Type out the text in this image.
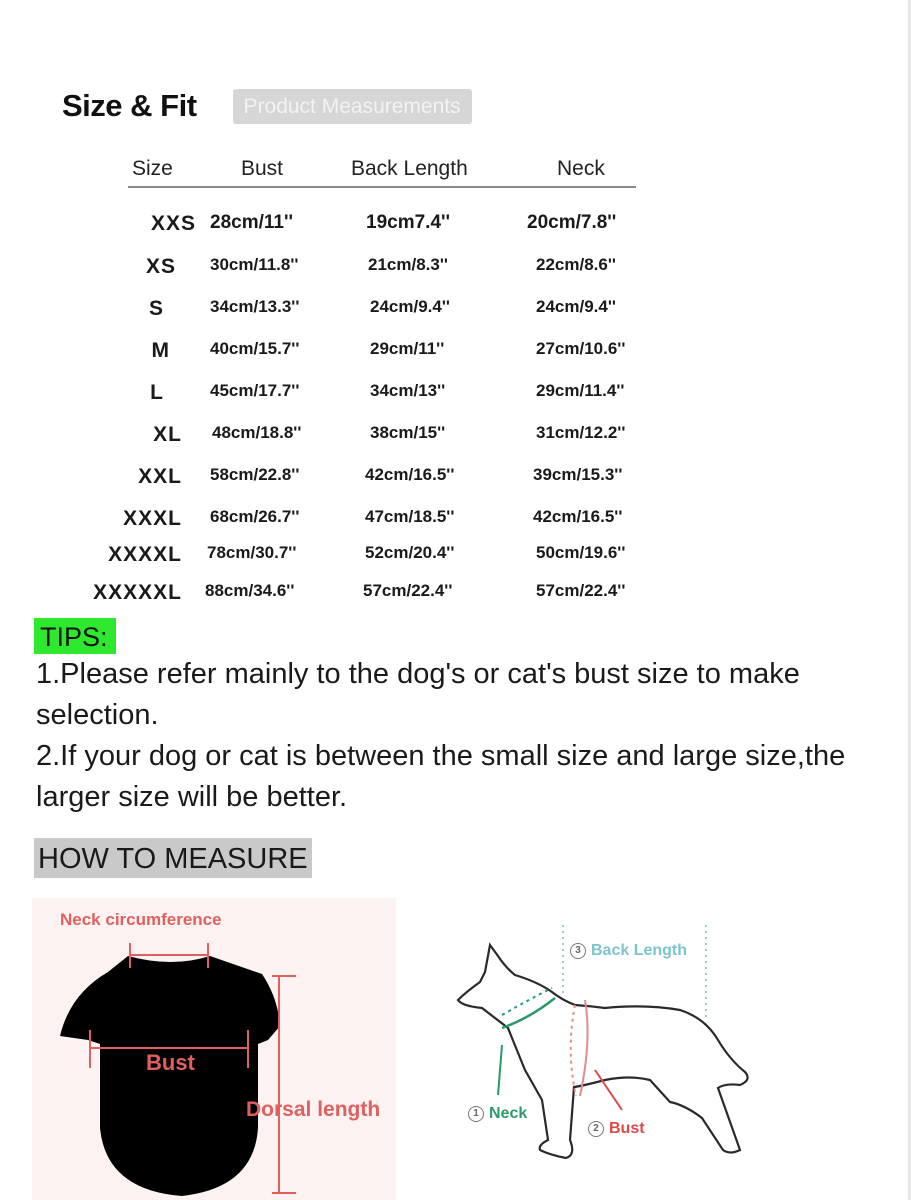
Size & Fit	Product Measurements
Size	Bust	Back Length	Neck
XXS 28cm/11''	19cm7.4''	20cm/7.8''
XS 30cm/11.8''	21cm/8.3''	22cm/8.6''
S	34cm/13.3''	24cm/9.4''	24cm/9.4''
M 40cm/15.7''	29cm/11''	27cm/10.6''
L	45cm/17.7''	34cm/13''	29cm/11.4''
XL 48cm/18.8''	38cm/15''	31cm/12.2''
XXL 58cm/22.8''	42cm/16.5''	39cm/15.3''
XXXL 68cm/26.7''	47cm/18.5''	42cm/16.5''
XXXXL 78cm/30.7''	52cm/20.4''	50cm/19.6''
XXXXXL 88cm/34.6''	57cm/22.4''	57cm/22.4''
TIPS:
1.Please refer mainly to the dog's or cat's bust size to make selection.
2.If your dog or cat is between the small size and large size,the larger size will be better.
HOW TO MEASURE
Neck circumference
Bust
Dorsal length
3 Back Length
1 Neck
2 Bust
